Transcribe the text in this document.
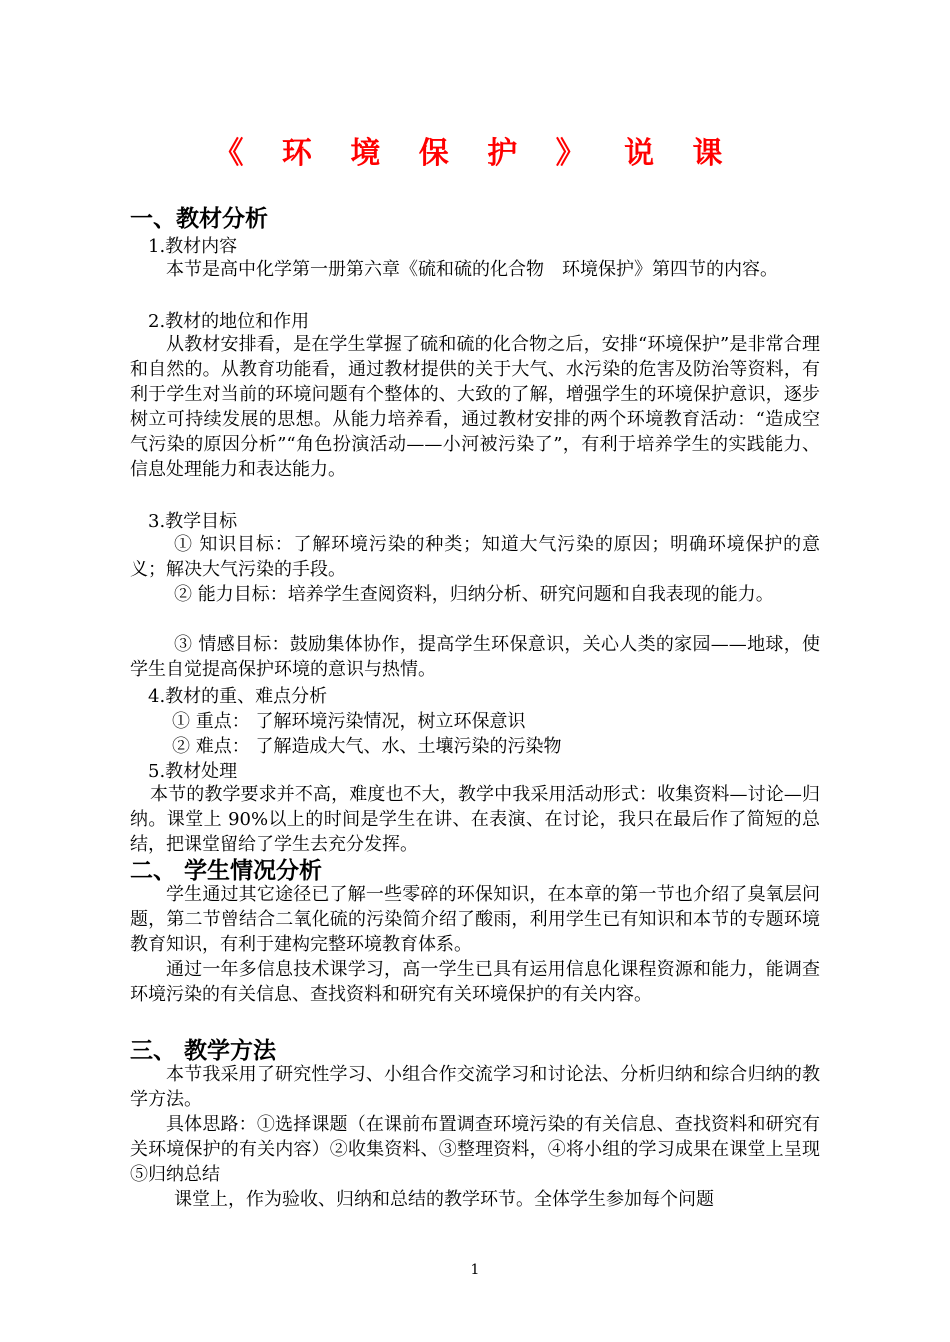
《 环 境 保 护 》 说 课
一、教材分析
1.教材内容

本节是高中化学第一册第六章《硫和硫的化合物　环境保护》第四节的内容。

2.教材的地位和作用

从教材安排看，是在学生掌握了硫和硫的化合物之后，安排“环境保护”是非常合理和自然的。从教育功能看，通过教材提供的关于大气、水污染的危害及防治等资料，有利于学生对当前的环境问题有个整体的、大致的了解，增强学生的环境保护意识，逐步树立可持续发展的思想。从能力培养看，通过教材安排的两个环境教育活动：“造成空气污染的原因分析”“角色扮演活动——小河被污染了”，有利于培养学生的实践能力、信息处理能力和表达能力。

3.教学目标

① 知识目标：了解环境污染的种类；知道大气污染的原因；明确环境保护的意义；解决大气污染的手段。

② 能力目标：培养学生查阅资料，归纳分析、研究问题和自我表现的能力。

③ 情感目标：鼓励集体协作，提高学生环保意识，关心人类的家园——地球，使学生自觉提高保护环境的意识与热情。

4.教材的重、难点分析
① 重点： 了解环境污染情况，树立环保意识
② 难点： 了解造成大气、水、土壤污染的污染物
5.教材处理

本节的教学要求并不高，难度也不大，教学中我采用活动形式：收集资料—讨论—归纳。课堂上 90%以上的时间是学生在讲、在表演、在讨论，我只在最后作了简短的总结，把课堂留给了学生去充分发挥。

二、 学生情况分析

学生通过其它途径已了解一些零碎的环保知识，在本章的第一节也介绍了臭氧层问题，第二节曾结合二氧化硫的污染简介绍了酸雨，利用学生已有知识和本节的专题环境教育知识，有利于建构完整环境教育体系。

通过一年多信息技术课学习，高一学生已具有运用信息化课程资源和能力，能调查环境污染的有关信息、查找资料和研究有关环境保护的有关内容。

三、 教学方法

本节我采用了研究性学习、小组合作交流学习和讨论法、分析归纳和综合归纳的教学方法。

具体思路：①选择课题（在课前布置调查环境污染的有关信息、查找资料和研究有关环境保护的有关内容）②收集资料、③整理资料，④将小组的学习成果在课堂上呈现⑤归纳总结

课堂上，作为验收、归纳和总结的教学环节。全体学生参加每个问题

1
